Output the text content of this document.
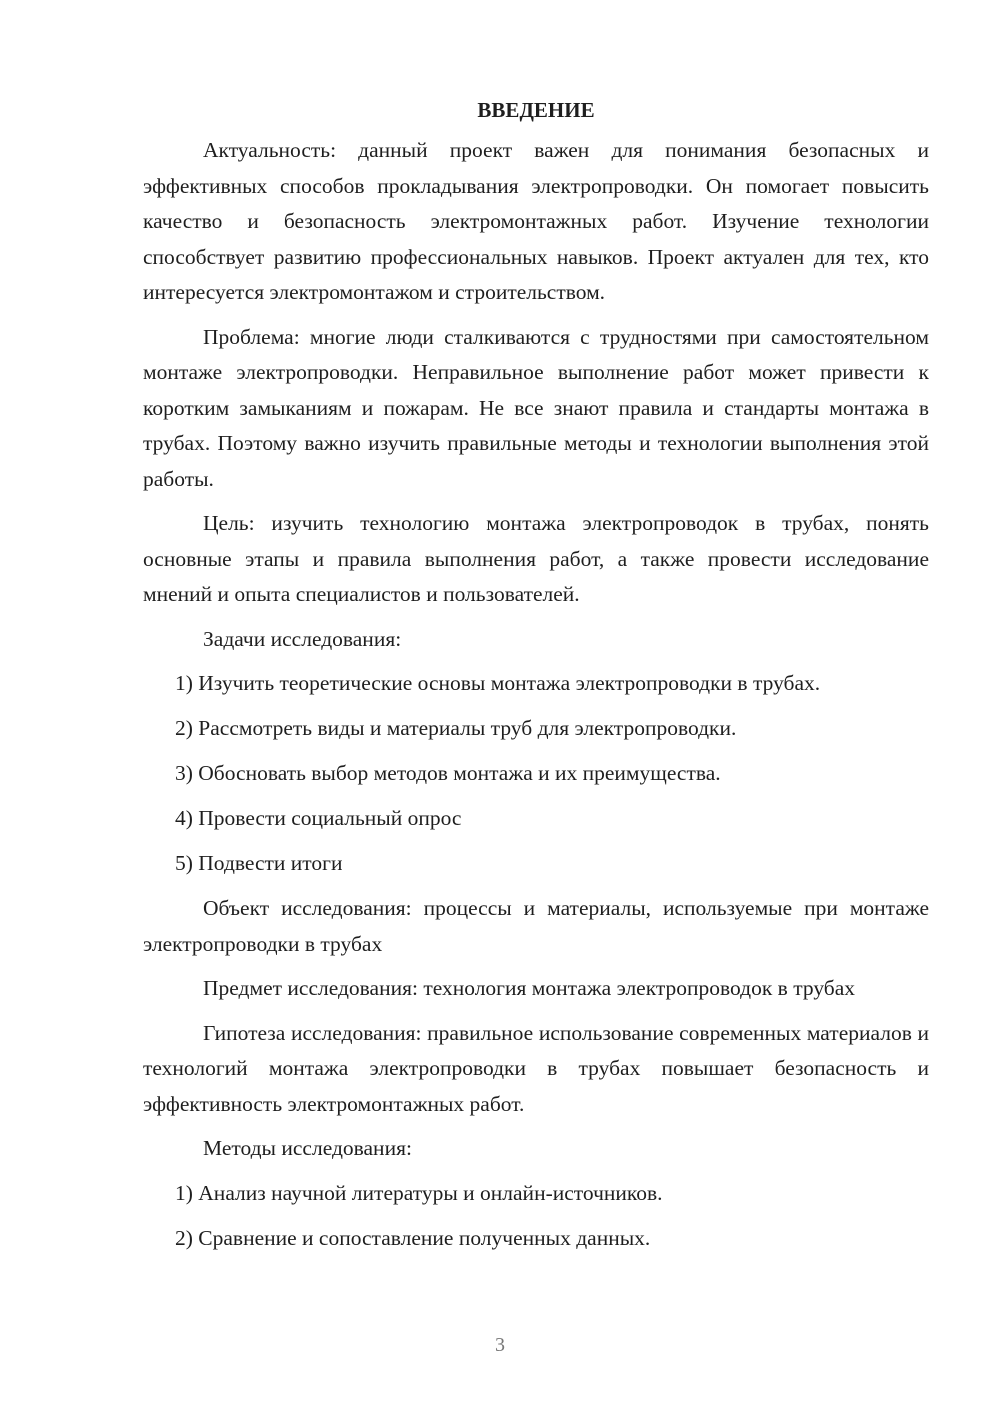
ВВЕДЕНИЕ

Актуальность: данный проект важен для понимания безопасных и эффективных способов прокладывания электропроводки. Он помогает повысить качество и безопасность электромонтажных работ. Изучение технологии способствует развитию профессиональных навыков. Проект актуален для тех, кто интересуется электромонтажом и строительством.

Проблема: многие люди сталкиваются с трудностями при самостоятельном монтаже электропроводки. Неправильное выполнение работ может привести к коротким замыканиям и пожарам. Не все знают правила и стандарты монтажа в трубах. Поэтому важно изучить правильные методы и технологии выполнения этой работы.

Цель: изучить технологию монтажа электропроводок в трубах, понять основные этапы и правила выполнения работ, а также провести исследование мнений и опыта специалистов и пользователей.

Задачи исследования:

1) Изучить теоретические основы монтажа электропроводки в трубах.
2) Рассмотреть виды и материалы труб для электропроводки.
3) Обосновать выбор методов монтажа и их преимущества.
4) Провести социальный опрос
5) Подвести итоги

Объект исследования: процессы и материалы, используемые при монтаже электропроводки в трубах

Предмет исследования: технология монтажа электропроводок в трубах

Гипотеза исследования: правильное использование современных материалов и технологий монтажа электропроводки в трубах повышает безопасность и эффективность электромонтажных работ.

Методы исследования:

1) Анализ научной литературы и онлайн-источников.
2) Сравнение и сопоставление полученных данных.
3
